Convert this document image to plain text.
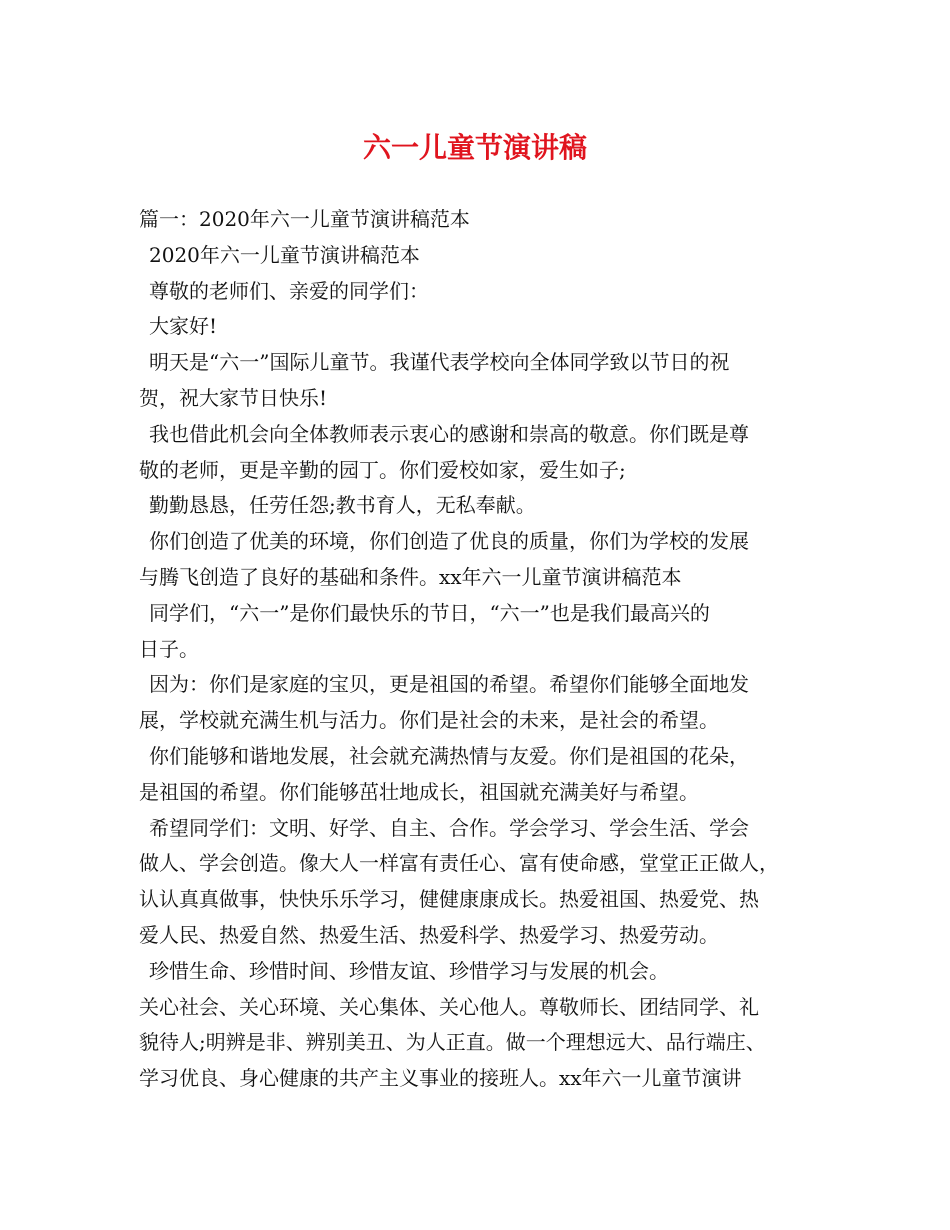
六一儿童节演讲稿
篇一：2020年六一儿童节演讲稿范本
2020年六一儿童节演讲稿范本
尊敬的老师们、亲爱的同学们：
大家好!
明天是“六一”国际儿童节。我谨代表学校向全体同学致以节日的祝
贺，祝大家节日快乐!
我也借此机会向全体教师表示衷心的感谢和崇高的敬意。你们既是尊
敬的老师，更是辛勤的园丁。你们爱校如家，爱生如子;
勤勤恳恳，任劳任怨;教书育人，无私奉献。
你们创造了优美的环境，你们创造了优良的质量，你们为学校的发展
与腾飞创造了良好的基础和条件。xx年六一儿童节演讲稿范本
同学们，“六一”是你们最快乐的节日，“六一”也是我们最高兴的
日子。
因为：你们是家庭的宝贝，更是祖国的希望。希望你们能够全面地发
展，学校就充满生机与活力。你们是社会的未来，是社会的希望。
你们能够和谐地发展，社会就充满热情与友爱。你们是祖国的花朵，
是祖国的希望。你们能够茁壮地成长，祖国就充满美好与希望。
希望同学们：文明、好学、自主、合作。学会学习、学会生活、学会
做人、学会创造。像大人一样富有责任心、富有使命感，堂堂正正做人，
认认真真做事，快快乐乐学习，健健康康成长。热爱祖国、热爱党、热
爱人民、热爱自然、热爱生活、热爱科学、热爱学习、热爱劳动。
珍惜生命、珍惜时间、珍惜友谊、珍惜学习与发展的机会。
关心社会、关心环境、关心集体、关心他人。尊敬师长、团结同学、礼
貌待人;明辨是非、辨别美丑、为人正直。做一个理想远大、品行端庄、
学习优良、身心健康的共产主义事业的接班人。xx年六一儿童节演讲
